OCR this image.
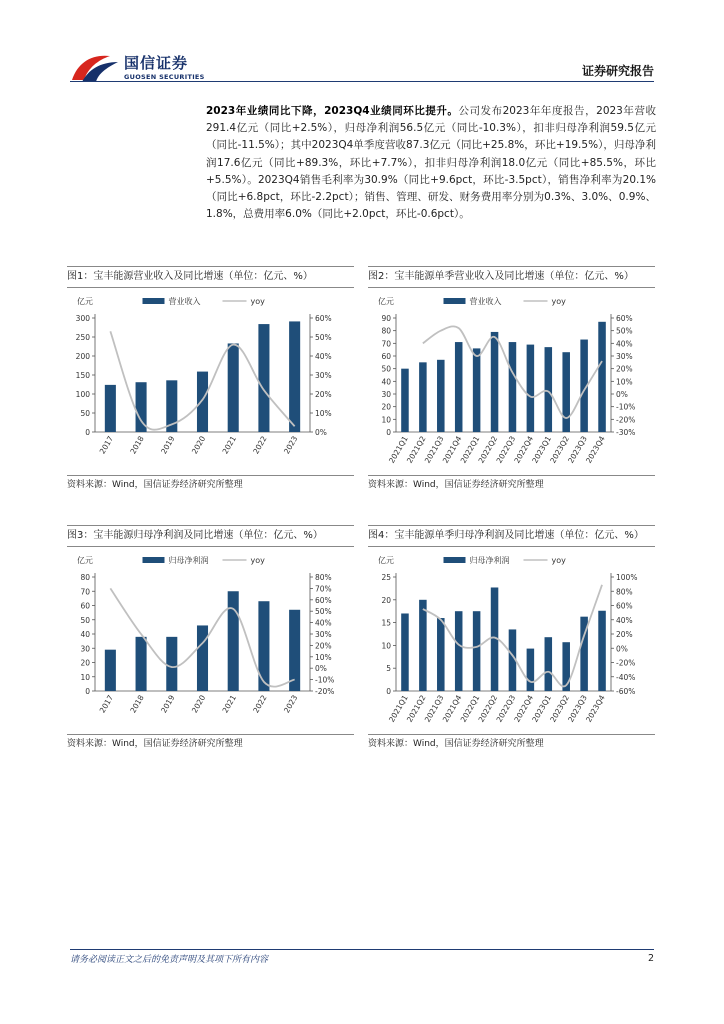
国信证券
GUOSEN SECURITIES	证券研究报告
2023年业绩同比下降，2023Q4业绩同环比提升。公司发布2023年年度报告，2023年营收291.4亿元（同比+2.5%），归母净利润56.5亿元（同比-10.3%），扣非归母净利润59.5亿元（同比-11.5%）；其中2023Q4单季度营收87.3亿元（同比+25.8%，环比+19.5%），归母净利润17.6亿元（同比+89.3%，环比+7.7%），扣非归母净利润18.0亿元（同比+85.5%，环比+5.5%）。2023Q4销售毛利率为30.9%（同比+9.6pct，环比-3.5pct），销售净利率为20.1%（同比+6.8pct，环比-2.2pct）；销售、管理、研发、财务费用率分别为0.3%、3.0%、0.9%、1.8%，总费用率6.0%（同比+2.0pct，环比-0.6pct）。
图1：宝丰能源营业收入及同比增速（单位：亿元、%）
亿元	营业收入	yoy
0
50
100
150
200
250
300
0%
10%
20%
30%
40%
50%
60%
2017 2018 2019 2020 2021 2022 2023
资料来源：Wind，国信证券经济研究所整理
图2：宝丰能源单季营业收入及同比增速（单位：亿元、%）
亿元	营业收入	yoy
0
10
20
30
40
50
60
70
80
90
-30%
-20%
-10%
0%
10%
20%
30%
40%
50%
60%
2021Q1
2021Q2
2021Q3
2021Q4
2022Q1
2022Q2
2022Q3
2022Q4
2023Q1
2023Q2
2023Q3
2023Q4
资料来源：Wind，国信证券经济研究所整理
图3：宝丰能源归母净利润及同比增速（单位：亿元、%）
亿元	归母净利润	yoy
0
10
20
30
40
50
60
70
80
-20%
-10%
0%
10%
20%
30%
40%
50%
60%
70%
80%
2017 2018 2019 2020 2021 2022 2023
资料来源：Wind，国信证券经济研究所整理
图4：宝丰能源单季归母净利润及同比增速（单位：亿元、%）
亿元	归母净利润	yoy
0
5
10
15
20
25
-60%
-40%
-20%
0%
20%
40%
60%
80%
100%
2021Q1
2021Q2
2021Q3
2021Q4
2022Q1
2022Q2
2022Q3
2022Q4
2023Q1
2023Q2
2023Q3
2023Q4
资料来源：Wind，国信证券经济研究所整理
请务必阅读正文之后的免责声明及其项下所有内容	2
